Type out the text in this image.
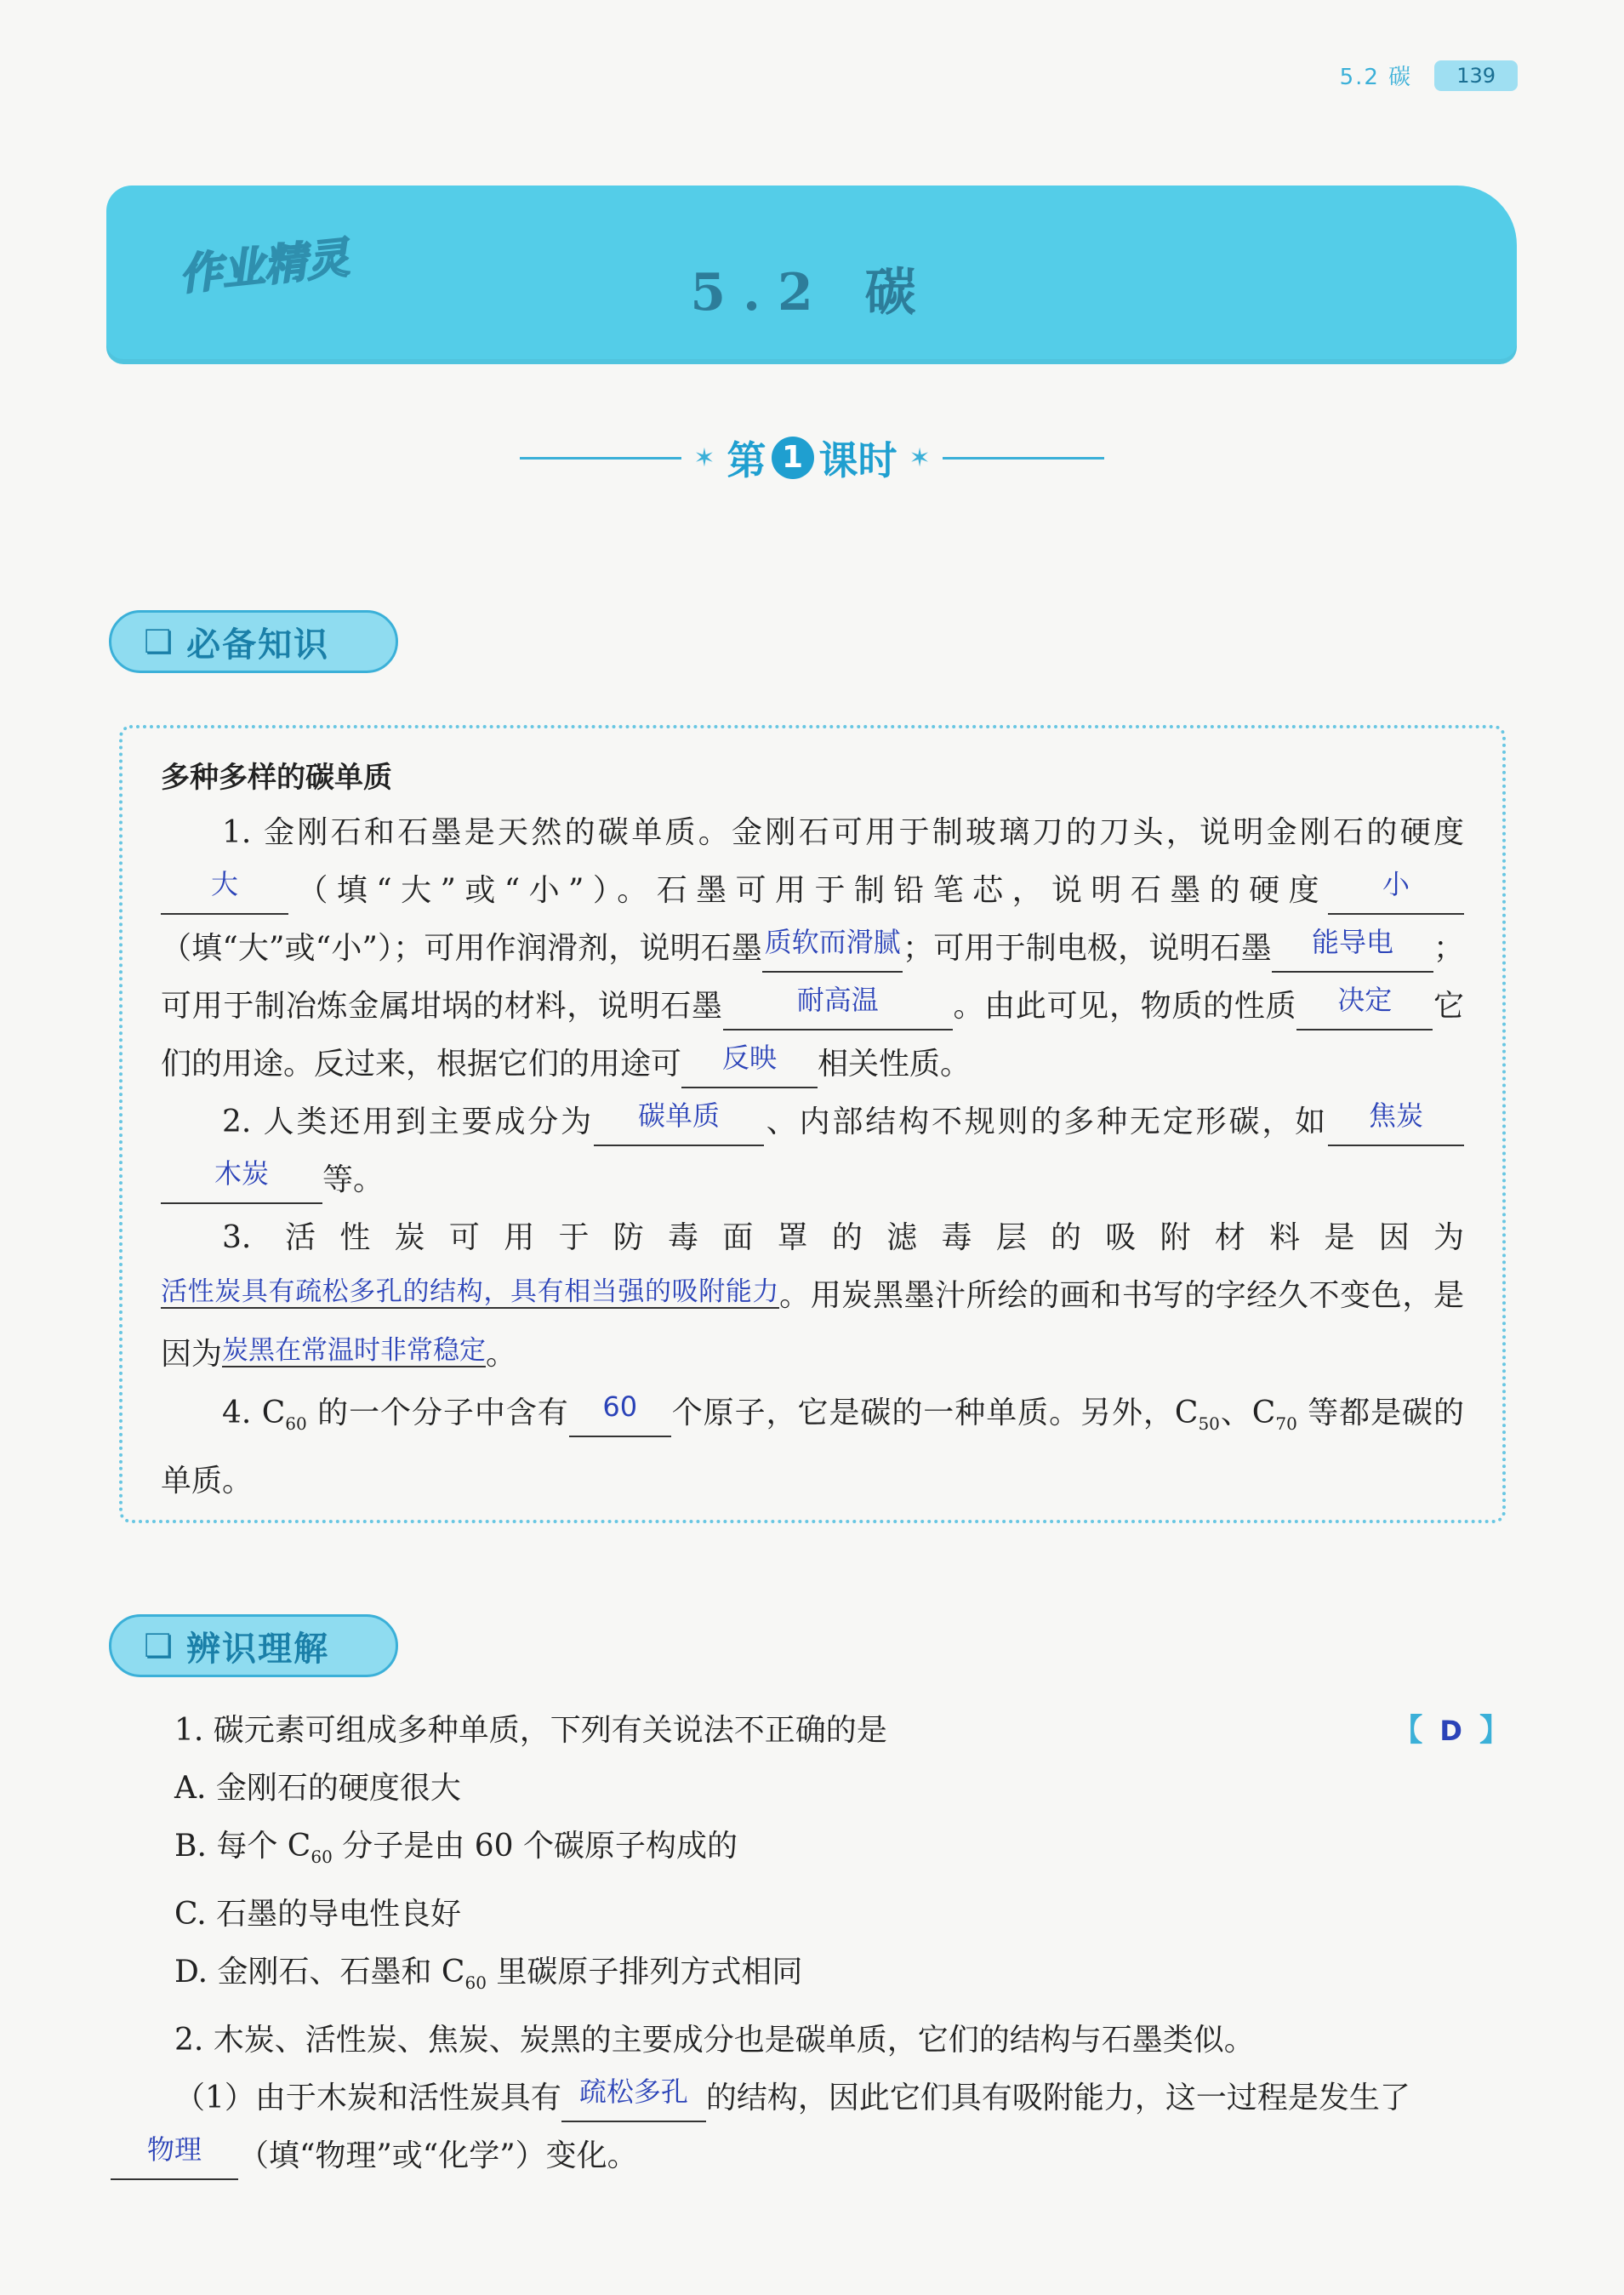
5.2 碳	139
作业精灵	5.2 碳
✶ 第 1 课时 ✶
❏ 必备知识
多种多样的碳单质

1. 金刚石和石墨是天然的碳单质。金刚石可用于制玻璃刀的刀头，说明金刚石的硬度 大 （填“大”或“小”）。石墨可用于制铅笔芯，说明石墨的硬度 小（填“大”或“小”）；可用作润滑剂，说明石墨质软而滑腻；可用于制电极，说明石墨 能导电 ；可用于制冶炼金属坩埚的材料，说明石墨	耐高温 。由此可见，物质的性质 决定 它们的用途。反过来，根据它们的用途可 反映 相关性质。

2. 人类还用到主要成分为 碳单质 、内部结构不规则的多种无定形碳，如 焦炭木炭 等。

3. 活性炭可用于防毒面罩的滤毒层的吸附材料是因为活性炭具有疏松多孔的结构，具有相当强的吸附能力。用炭黑墨汁所绘的画和书写的字经久不变色，是因为炭黑在常温时非常稳定。

4. $C_{60}$ 的一个分子中含有 60 个原子，它是碳的一种单质。另外，$C_{50}$、$C_{70}$ 等都是碳的单质。

❏ 辨识理解

1. 碳元素可组成多种单质，下列有关说法不正确的是	【 D 】

A. 金刚石的硬度很大

B. 每个 $C_{60}$ 分子是由 60 个碳原子构成的

C. 石墨的导电性良好

D. 金刚石、石墨和 $C_{60}$ 里碳原子排列方式相同

2. 木炭、活性炭、焦炭、炭黑的主要成分也是碳单质，它们的结构与石墨类似。

（1）由于木炭和活性炭具有 疏松多孔 的结构，因此它们具有吸附能力，这一过程是发生了
物理 （填“物理”或“化学”）变化。
